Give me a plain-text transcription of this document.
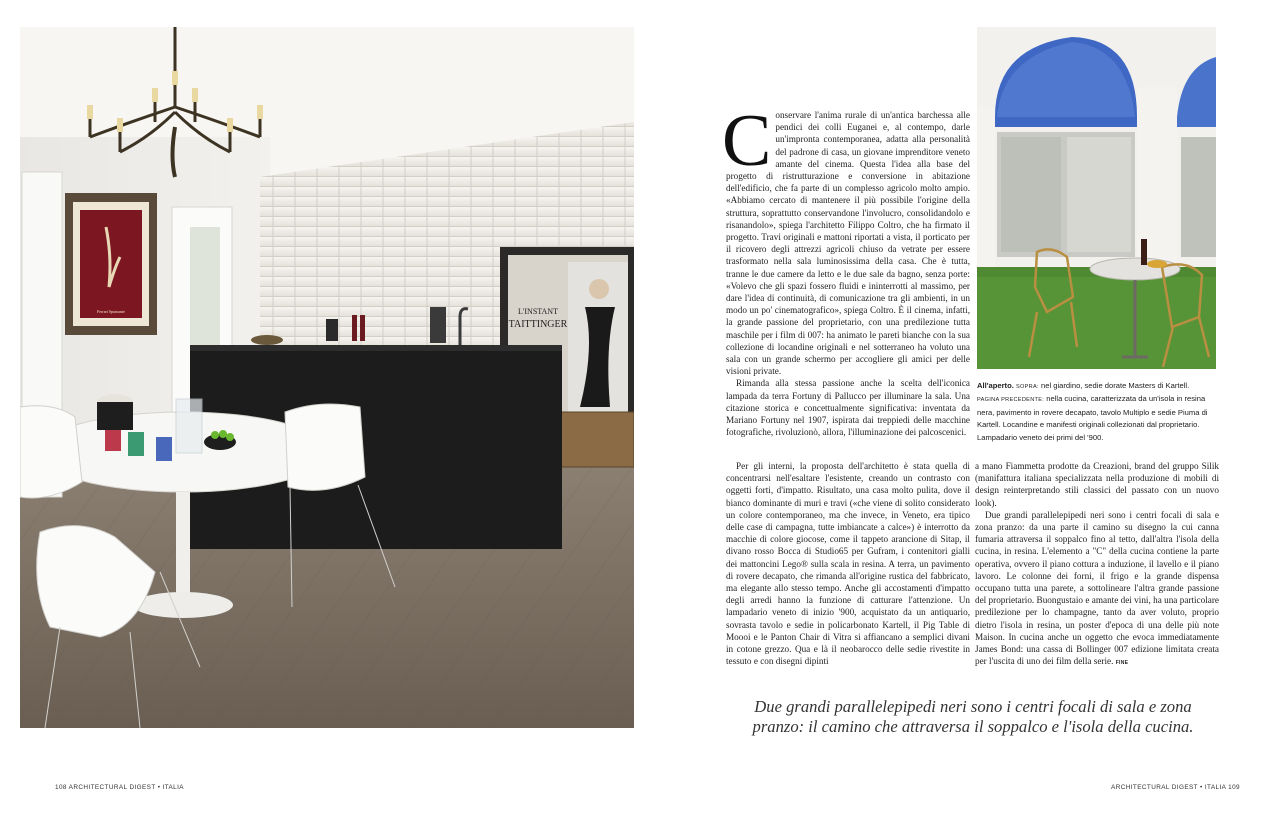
Ferrari Spumante	L'INSTANT
TAITTINGER
All'aperto. SOPRA: nel giardino, sedie dorate Masters di Kartell.
PAGINA PRECEDENTE: nella cucina, caratterizzata da un'isola in resina nera, pavimento in rovere decapato, tavolo Multiplo e sedie Piuma di Kartell. Locandine e manifesti originali collezionati dal proprietario. Lampadario veneto dei primi del '900.

Conservare l'anima rurale di un'antica barchessa alle pendici dei colli Euganei e, al contempo, darle un'impronta contemporanea, adatta alla personalità del padrone di casa, un giovane imprenditore veneto amante del cinema. Questa l'idea alla base del progetto di ristrutturazione e conversione in abitazione dell'edificio, che fa parte di un complesso agricolo molto ampio. «Abbiamo cercato di mantenere il più possibile l'origine della struttura, soprattutto conservandone l'involucro, consolidandolo e risanandolo», spiega l'architetto Filippo Coltro, che ha firmato il progetto. Travi originali e mattoni riportati a vista, il porticato per il ricovero degli attrezzi agricoli chiuso da vetrate per essere trasformato nella sala luminosissima della casa. Che è tutta, tranne le due camere da letto e le due sale da bagno, senza porte: «Volevo che gli spazi fossero fluidi e ininterrotti al massimo, per dare l'idea di continuità, di comunicazione tra gli ambienti, in un modo un po' cinematografico», spiega Coltro. È il cinema, infatti, la grande passione del proprietario, con una predilezione tutta maschile per i film di 007: ha animato le pareti bianche con la sua collezione di locandine originali e nel sotterraneo ha voluto una sala con un grande schermo per accogliere gli amici per delle visioni private.

Rimanda alla stessa passione anche la scelta dell'iconica lampada da terra Fortuny di Pallucco per illuminare la sala. Una citazione storica e concettualmente significativa: inventata da Mariano Fortuny nel 1907, ispirata dai treppiedi delle macchine fotografiche, rivoluzionò, allora, l'illuminazione dei palcoscenici.

Per gli interni, la proposta dell'architetto è stata quella di concentrarsi nell'esaltare l'esistente, creando un contrasto con oggetti forti, d'impatto. Risultato, una casa molto pulita, dove il bianco dominante di muri e travi («che viene di solito considerato un colore contemporaneo, ma che invece, in Veneto, era tipico delle case di campagna, tutte imbiancate a calce») è interrotto da macchie di colore giocose, come il tappeto arancione di Sitap, il divano rosso Bocca di Studio65 per Gufram, i contenitori gialli dei mattoncini Lego® sulla scala in resina. A terra, un pavimento di rovere decapato, che rimanda all'origine rustica del fabbricato, ma elegante allo stesso tempo. Anche gli accostamenti d'impatto degli arredi hanno la funzione di catturare l'attenzione. Un lampadario veneto di inizio '900, acquistato da un antiquario, sovrasta tavolo e sedie in policarbonato Kartell, il Pig Table di Moooi e le Panton Chair di Vitra si affiancano a semplici divani in cotone grezzo. Qua e là il neobarocco delle sedie rivestite in tessuto e con disegni dipinti

a mano Fiammetta prodotte da Creazioni, brand del gruppo Silik (manifattura italiana specializzata nella produzione di mobili di design reinterpretando stili classici del passato con un nuovo look).

Due grandi parallelepipedi neri sono i centri focali di sala e zona pranzo: da una parte il camino su disegno la cui canna fumaria attraversa il soppalco fino al tetto, dall'altra l'isola della cucina, in resina. L'elemento a "C" della cucina contiene la parte operativa, ovvero il piano cottura a induzione, il lavello e il piano lavoro. Le colonne dei forni, il frigo e la grande dispensa occupano tutta una parete, a sottolineare l'altra grande passione del proprietario. Buongustaio e amante dei vini, ha una particolare predilezione per lo champagne, tanto da aver voluto, proprio dietro l'isola in resina, un poster d'epoca di una delle più note Maison. In cucina anche un oggetto che evoca immediatamente James Bond: una cassa di Bollinger 007 edizione limitata creata per l'uscita di uno dei film della serie. FINE

Due grandi parallelepipedi neri sono i centri focali di sala e zona pranzo: il camino che attraversa il soppalco e l'isola della cucina.
108 ARCHITECTURAL DIGEST • ITALIA	ARCHITECTURAL DIGEST • ITALIA 109
